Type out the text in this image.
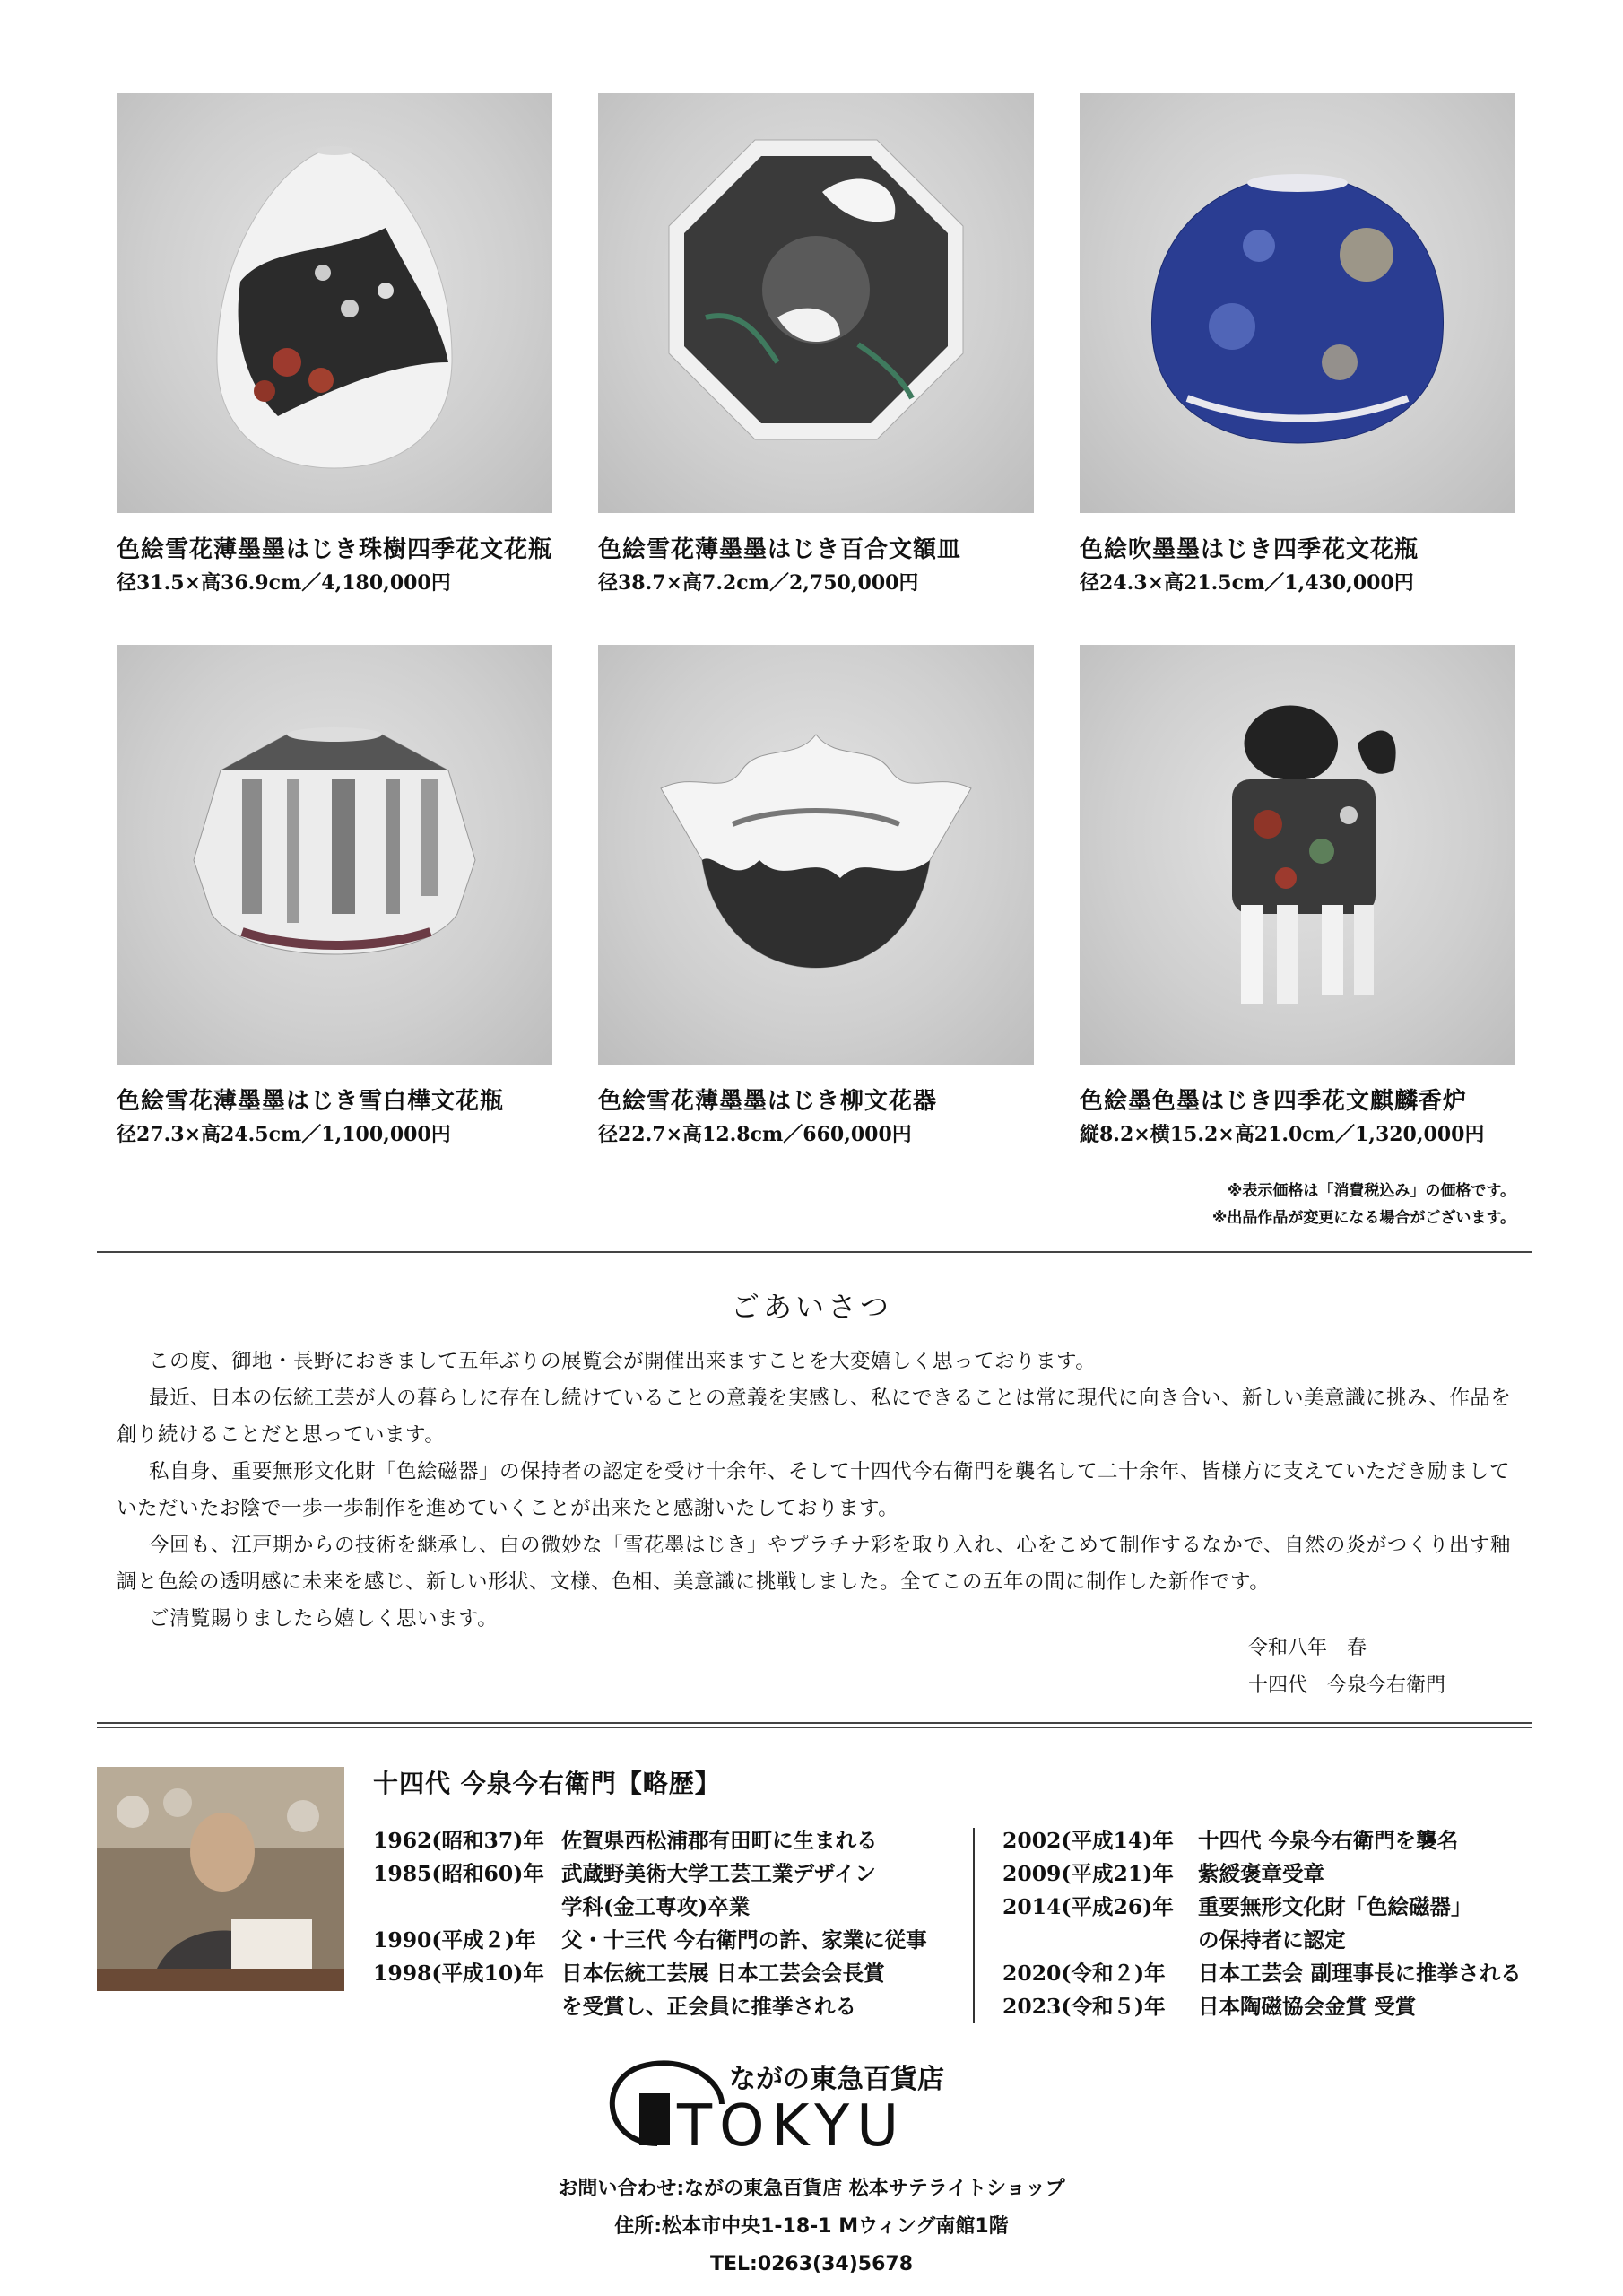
色絵雪花薄墨墨はじき珠樹四季花文花瓶
径31.5×高36.9cm／4,180,000円
色絵雪花薄墨墨はじき百合文額皿
径38.7×高7.2cm／2,750,000円
色絵吹墨墨はじき四季花文花瓶
径24.3×高21.5cm／1,430,000円
色絵雪花薄墨墨はじき雪白樺文花瓶
径27.3×高24.5cm／1,100,000円
色絵雪花薄墨墨はじき柳文花器
径22.7×高12.8cm／660,000円
色絵墨色墨はじき四季花文麒麟香炉
縦8.2×横15.2×高21.0cm／1,320,000円
※表示価格は「消費税込み」の価格です。
※出品作品が変更になる場合がございます。
ごあいさつ

この度、御地・長野におきまして五年ぶりの展覧会が開催出来ますことを大変嬉しく思っております。

最近、日本の伝統工芸が人の暮らしに存在し続けていることの意義を実感し、私にできることは常に現代に向き合い、新しい美意識に挑み、作品を創り続けることだと思っています。

私自身、重要無形文化財「色絵磁器」の保持者の認定を受け十余年、そして十四代今右衛門を襲名して二十余年、皆様方に支えていただき励ましていただいたお陰で一歩一歩制作を進めていくことが出来たと感謝いたしております。

今回も、江戸期からの技術を継承し、白の微妙な「雪花墨はじき」やプラチナ彩を取り入れ、心をこめて制作するなかで、自然の炎がつくり出す釉調と色絵の透明感に未来を感じ、新しい形状、文様、色相、美意識に挑戦しました。全てこの五年の間に制作した新作です。

ご清覧賜りましたら嬉しく思います。

令和八年　春
十四代　今泉今右衛門
十四代 今泉今右衛門【略歴】
1962(昭和37)年 佐賀県西松浦郡有田町に生まれる
1985(昭和60)年 武蔵野美術大学工芸工業デザイン
学科(金工専攻)卒業
1990(平成２)年	父・十三代 今右衛門の許、家業に従事
1998(平成10)年 日本伝統工芸展 日本工芸会会長賞
を受賞し、正会員に推挙される
2002(平成14)年	十四代 今泉今右衛門を襲名
2009(平成21)年	紫綬褒章受章
2014(平成26)年	重要無形文化財「色絵磁器」
の保持者に認定
2020(令和２)年	日本工芸会 副理事長に推挙される
2023(令和５)年	日本陶磁協会金賞 受賞
ながの東急百貨店
TOKYU
お問い合わせ:ながの東急百貨店 松本サテライトショップ
住所:松本市中央1-18-1 Mウィング南館1階
TEL:0263(34)5678
